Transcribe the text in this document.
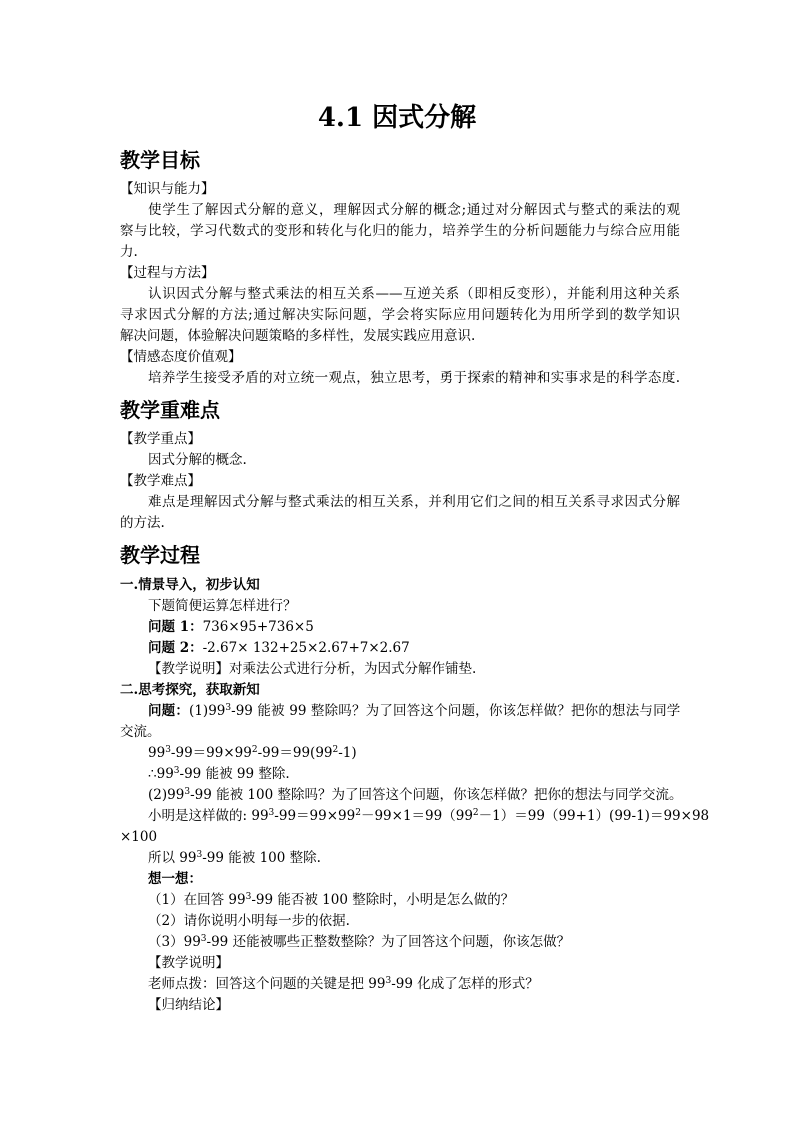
4.1 因式分解
教学目标
【知识与能力】
使学生了解因式分解的意义，理解因式分解的概念;通过对分解因式与整式的乘法的观
察与比较，学习代数式的变形和转化与化归的能力，培养学生的分析问题能力与综合应用能
力.
【过程与方法】
认识因式分解与整式乘法的相互关系——互逆关系（即相反变形），并能利用这种关系
寻求因式分解的方法;通过解决实际问题，学会将实际应用问题转化为用所学到的数学知识
解决问题，体验解决问题策略的多样性，发展实践应用意识.
【情感态度价值观】
培养学生接受矛盾的对立统一观点，独立思考，勇于探索的精神和实事求是的科学态度.
教学重难点
【教学重点】
因式分解的概念.
【教学难点】
难点是理解因式分解与整式乘法的相互关系，并利用它们之间的相互关系寻求因式分解
的方法.
教学过程
一.情景导入，初步认知
下题简便运算怎样进行？
问题 1：736×95+736×5
问题 2：-2.67× 132+25×2.67+7×2.67
【教学说明】对乘法公式进行分析，为因式分解作铺垫.
二.思考探究，获取新知
问题：$(1)99^3-99$ 能被 99 整除吗？为了回答这个问题，你该怎样做？把你的想法与同学
交流。
$99^3-99=99\times 99^2-99=99(99^2-1)$
$\therefore 99^3-99$ 能被 99 整除.
$(2)99^3-99$ 能被 100 整除吗？为了回答这个问题，你该怎样做？把你的想法与同学交流。
小明是这样做的: $99^3-99=99\times 99^2-99\times 1=99(99^2-1)=99(99+1)(99-1)=99\times 98$
×100
所以 $99^3-99$ 能被 100 整除.
想一想：
（1）在回答 $99^3-99$ 能否被 100 整除时，小明是怎么做的？
（2）请你说明小明每一步的依据.
$(3)99^3-99$ 还能被哪些正整数整除？为了回答这个问题，你该怎做？
【教学说明】
老师点拨：回答这个问题的关键是把 $99^3-99$ 化成了怎样的形式？
【归纳结论】
